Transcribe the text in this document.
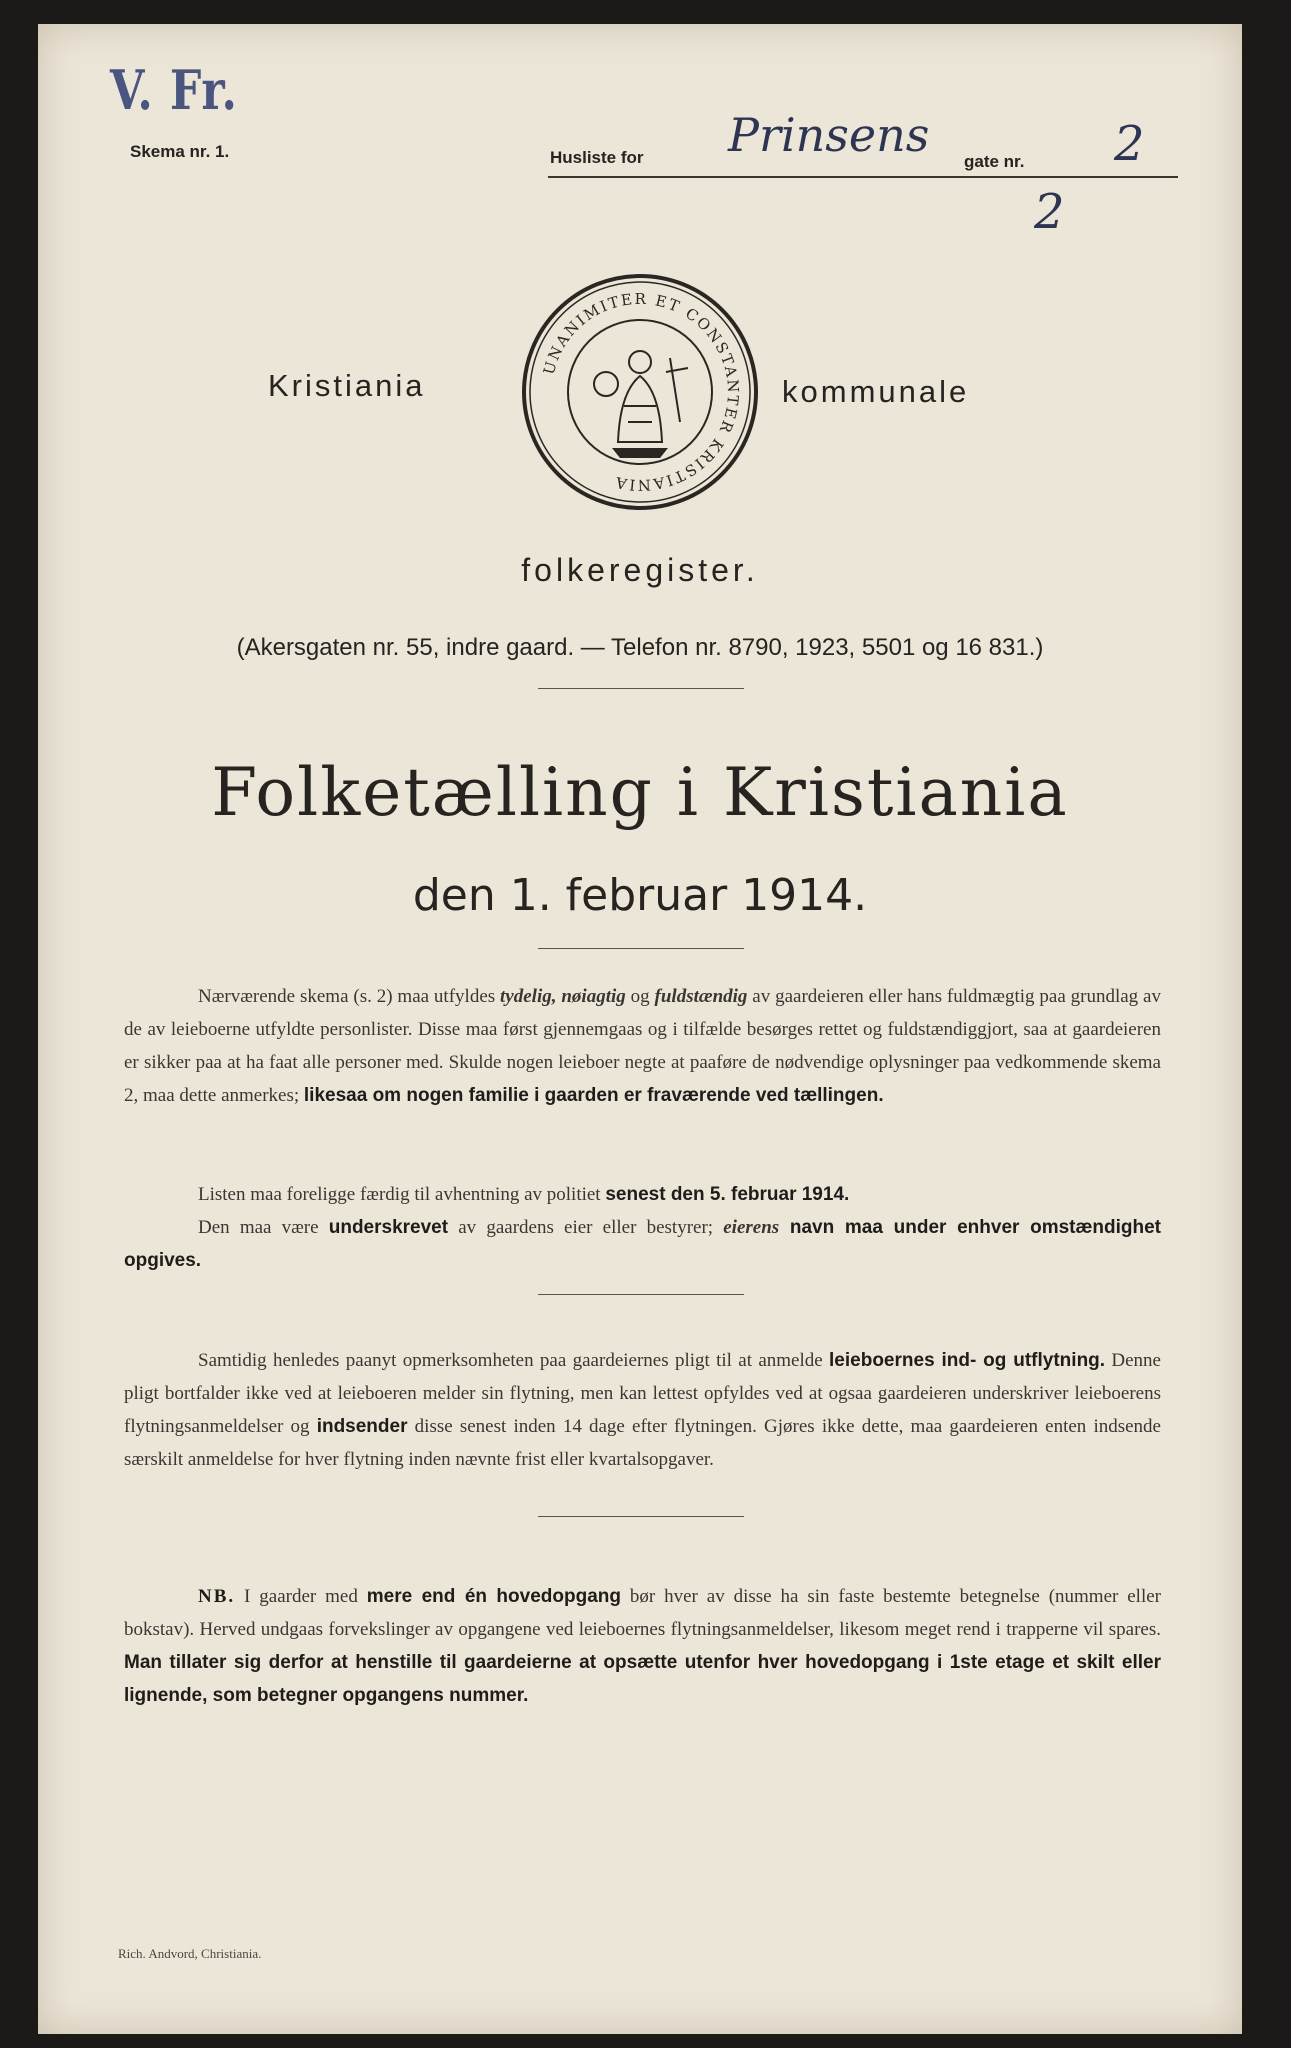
V. Fr.
Skema nr. 1.	Husliste for Prinsens gate nr. 2
2
Kristiania
UNANIMITER ET CONSTANTER KRISTIANIA
kommunale
folkeregister.
(Akersgaten nr. 55, indre gaard. — Telefon nr. 8790, 1923, 5501 og 16 831.)
Folketælling i Kristiania
den 1. februar 1914.
Nærværende skema (s. 2) maa utfyldes tydelig, nøiagtig og fuldstændig av gaardeieren eller hans fuldmægtig paa grundlag av de av leieboerne utfyldte personlister. Disse maa først gjennemgaas og i tilfælde besørges rettet og fuldstændiggjort, saa at gaardeieren er sikker paa at ha faat alle personer med. Skulde nogen leieboer negte at paaføre de nødvendige oplysninger paa vedkommende skema 2, maa dette anmerkes; likesaa om nogen familie i gaarden er fraværende ved tællingen.
Listen maa foreligge færdig til avhentning av politiet senest den 5. februar 1914.
Den maa være underskrevet av gaardens eier eller bestyrer; eierens navn maa under enhver omstændighet opgives.
Samtidig henledes paanyt opmerksomheten paa gaardeiernes pligt til at anmelde leieboernes ind- og utflytning. Denne pligt bortfalder ikke ved at leieboeren melder sin flytning, men kan lettest opfyldes ved at ogsaa gaardeieren underskriver leieboerens flytningsanmeldelser og indsender disse senest inden 14 dage efter flytningen. Gjøres ikke dette, maa gaardeieren enten indsende særskilt anmeldelse for hver flytning inden nævnte frist eller kvartalsopgaver.
NB. I gaarder med mere end én hovedopgang bør hver av disse ha sin faste bestemte betegnelse (nummer eller bokstav). Herved undgaas forvekslinger av opgangene ved leieboernes flytningsanmeldelser, likesom meget rend i trapperne vil spares. Man tillater sig derfor at henstille til gaardeierne at opsætte utenfor hver hovedopgang i 1ste etage et skilt eller lignende, som betegner opgangens nummer.
Rich. Andvord, Christiania.
